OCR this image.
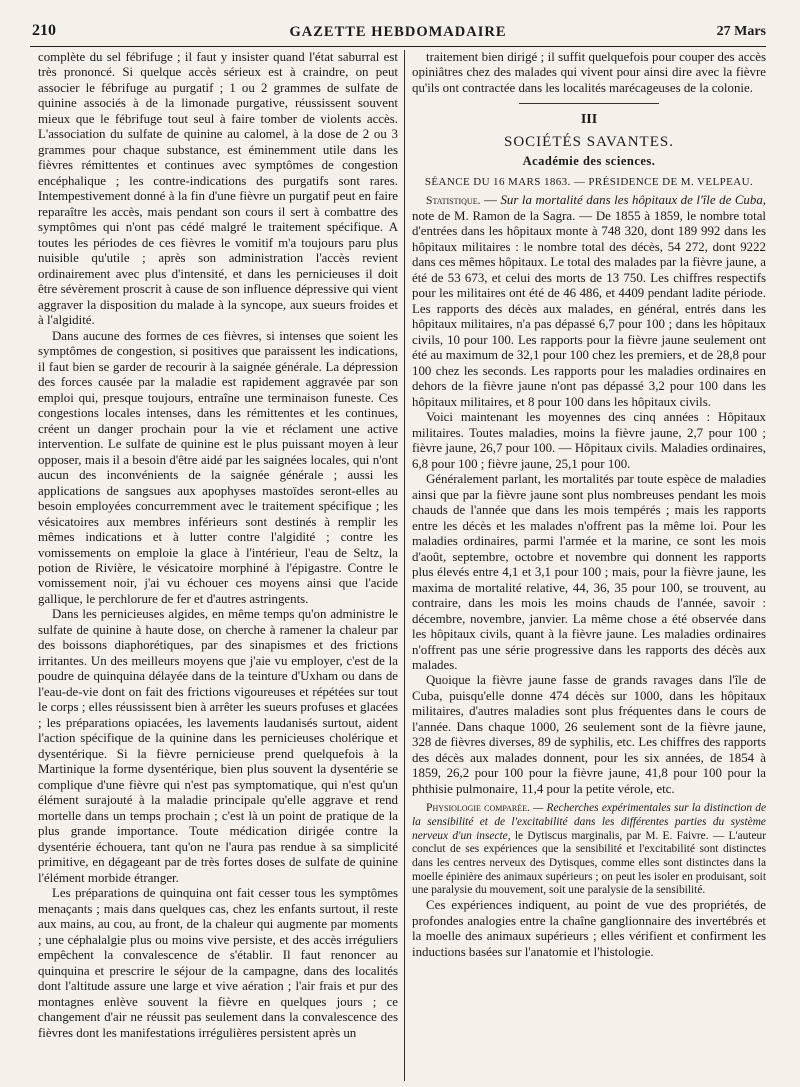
210	GAZETTE HEBDOMADAIRE	27 Mars

complète du sel fébrifuge ; il faut y insister quand l'état saburral est très prononcé. Si quelque accès sérieux est à craindre, on peut associer le fébrifuge au purgatif ; 1 ou 2 grammes de sulfate de quinine associés à de la limonade purgative, réussissent souvent mieux que le fébrifuge tout seul à faire tomber de violents accès. L'association du sulfate de quinine au calomel, à la dose de 2 ou 3 grammes pour chaque substance, est éminemment utile dans les fièvres rémittentes et continues avec symptômes de congestion encéphalique ; les contre-indications des purgatifs sont rares. Intempestivement donné à la fin d'une fièvre un purgatif peut en faire reparaître les accès, mais pendant son cours il sert à combattre des symptômes qui n'ont pas cédé malgré le traitement spécifique. A toutes les périodes de ces fièvres le vomitif m'a toujours paru plus nuisible qu'utile ; après son administration l'accès revient ordinairement avec plus d'intensité, et dans les pernicieuses il doit être sévèrement proscrit à cause de son influence dépressive qui vient aggraver la disposition du malade à la syncope, aux sueurs froides et à l'algidité.

Dans aucune des formes de ces fièvres, si intenses que soient les symptômes de congestion, si positives que paraissent les indications, il faut bien se garder de recourir à la saignée générale. La dépression des forces causée par la maladie est rapidement aggravée par son emploi qui, presque toujours, entraîne une terminaison funeste. Ces congestions locales intenses, dans les rémittentes et les continues, créent un danger prochain pour la vie et réclament une active intervention. Le sulfate de quinine est le plus puissant moyen à leur opposer, mais il a besoin d'être aidé par les saignées locales, qui n'ont aucun des inconvénients de la saignée générale ; aussi les applications de sangsues aux apophyses mastoïdes seront-elles au besoin employées concurremment avec le traitement spécifique ; les vésicatoires aux membres inférieurs sont destinés à remplir les mêmes indications et à lutter contre l'algidité ; contre les vomissements on emploie la glace à l'intérieur, l'eau de Seltz, la potion de Rivière, le vésicatoire morphiné à l'épigastre. Contre le vomissement noir, j'ai vu échouer ces moyens ainsi que l'acide gallique, le perchlorure de fer et d'autres astringents.

Dans les pernicieuses algides, en même temps qu'on administre le sulfate de quinine à haute dose, on cherche à ramener la chaleur par des boissons diaphorétiques, par des sinapismes et des frictions irritantes. Un des meilleurs moyens que j'aie vu employer, c'est de la poudre de quinquina délayée dans de la teinture d'Uxham ou dans de l'eau-de-vie dont on fait des frictions vigoureuses et répétées sur tout le corps ; elles réussissent bien à arrêter les sueurs profuses et glacées ; les préparations opiacées, les lavements laudanisés surtout, aident l'action spécifique de la quinine dans les pernicieuses cholérique et dysentérique. Si la fièvre pernicieuse prend quelquefois à la Martinique la forme dysentérique, bien plus souvent la dysentérie se complique d'une fièvre qui n'est pas symptomatique, qui n'est qu'un élément surajouté à la maladie principale qu'elle aggrave et rend mortelle dans un temps prochain ; c'est là un point de pratique de la plus grande importance. Toute médication dirigée contre la dysentérie échouera, tant qu'on ne l'aura pas rendue à sa simplicité primitive, en dégageant par de très fortes doses de sulfate de quinine l'élément morbide étranger.

Les préparations de quinquina ont fait cesser tous les symptômes menaçants ; mais dans quelques cas, chez les enfants surtout, il reste aux mains, au cou, au front, de la chaleur qui augmente par moments ; une céphalalgie plus ou moins vive persiste, et des accès irréguliers empêchent la convalescence de s'établir. Il faut renoncer au quinquina et prescrire le séjour de la campagne, dans des localités dont l'altitude assure une large et vive aération ; l'air frais et pur des montagnes enlève souvent la fièvre en quelques jours ; ce changement d'air ne réussit pas seulement dans la convalescence des fièvres dont les manifestations irrégulières persistent après un

traitement bien dirigé ; il suffit quelquefois pour couper des accès opiniâtres chez des malades qui vivent pour ainsi dire avec la fièvre qu'ils ont contractée dans les localités marécageuses de la colonie.

III
SOCIÉTÉS SAVANTES.
Académie des sciences.
SÉANCE DU 16 MARS 1863. — PRÉSIDENCE DE M. VELPEAU.

Statistique. — Sur la mortalité dans les hôpitaux de l'île de Cuba, note de M. Ramon de la Sagra. — De 1855 à 1859, le nombre total d'entrées dans les hôpitaux monte à 748 320, dont 189 992 dans les hôpitaux militaires : le nombre total des décès, 54 272, dont 9222 dans ces mêmes hôpitaux. Le total des malades par la fièvre jaune, a été de 53 673, et celui des morts de 13 750. Les chiffres respectifs pour les militaires ont été de 46 486, et 4409 pendant ladite période. Les rapports des décès aux malades, en général, entrés dans les hôpitaux militaires, n'a pas dépassé 6,7 pour 100 ; dans les hôpitaux civils, 10 pour 100. Les rapports pour la fièvre jaune seulement ont été au maximum de 32,1 pour 100 chez les premiers, et de 28,8 pour 100 chez les seconds. Les rapports pour les maladies ordinaires en dehors de la fièvre jaune n'ont pas dépassé 3,2 pour 100 dans les hôpitaux militaires, et 8 pour 100 dans les hôpitaux civils.

Voici maintenant les moyennes des cinq années : Hôpitaux militaires. Toutes maladies, moins la fièvre jaune, 2,7 pour 100 ; fièvre jaune, 26,7 pour 100. — Hôpitaux civils. Maladies ordinaires, 6,8 pour 100 ; fièvre jaune, 25,1 pour 100.

Généralement parlant, les mortalités par toute espèce de maladies ainsi que par la fièvre jaune sont plus nombreuses pendant les mois chauds de l'année que dans les mois tempérés ; mais les rapports entre les décès et les malades n'offrent pas la même loi. Pour les maladies ordinaires, parmi l'armée et la marine, ce sont les mois d'août, septembre, octobre et novembre qui donnent les rapports plus élevés entre 4,1 et 3,1 pour 100 ; mais, pour la fièvre jaune, les maxima de mortalité relative, 44, 36, 35 pour 100, se trouvent, au contraire, dans les mois les moins chauds de l'année, savoir : décembre, novembre, janvier. La même chose a été observée dans les hôpitaux civils, quant à la fièvre jaune. Les maladies ordinaires n'offrent pas une série progressive dans les rapports des décès aux malades.

Quoique la fièvre jaune fasse de grands ravages dans l'île de Cuba, puisqu'elle donne 474 décès sur 1000, dans les hôpitaux militaires, d'autres maladies sont plus fréquentes dans le cours de l'année. Dans chaque 1000, 26 seulement sont de la fièvre jaune, 328 de fièvres diverses, 89 de syphilis, etc. Les chiffres des rapports des décès aux malades donnent, pour les six années, de 1854 à 1859, 26,2 pour 100 pour la fièvre jaune, 41,8 pour 100 pour la phthisie pulmonaire, 11,4 pour la petite vérole, etc.

Physiologie comparée. — Recherches expérimentales sur la distinction de la sensibilité et de l'excitabilité dans les différentes parties du système nerveux d'un insecte, le Dytiscus marginalis, par M. E. Faivre. — L'auteur conclut de ses expériences que la sensibilité et l'excitabilité sont distinctes dans les centres nerveux des Dytisques, comme elles sont distinctes dans la moelle épinière des animaux supérieurs ; on peut les isoler en produisant, soit une paralysie du mouvement, soit une paralysie de la sensibilité.

Ces expériences indiquent, au point de vue des propriétés, de profondes analogies entre la chaîne ganglionnaire des invertébrés et la moelle des animaux supérieurs ; elles vérifient et confirment les inductions basées sur l'anatomie et l'histologie.
